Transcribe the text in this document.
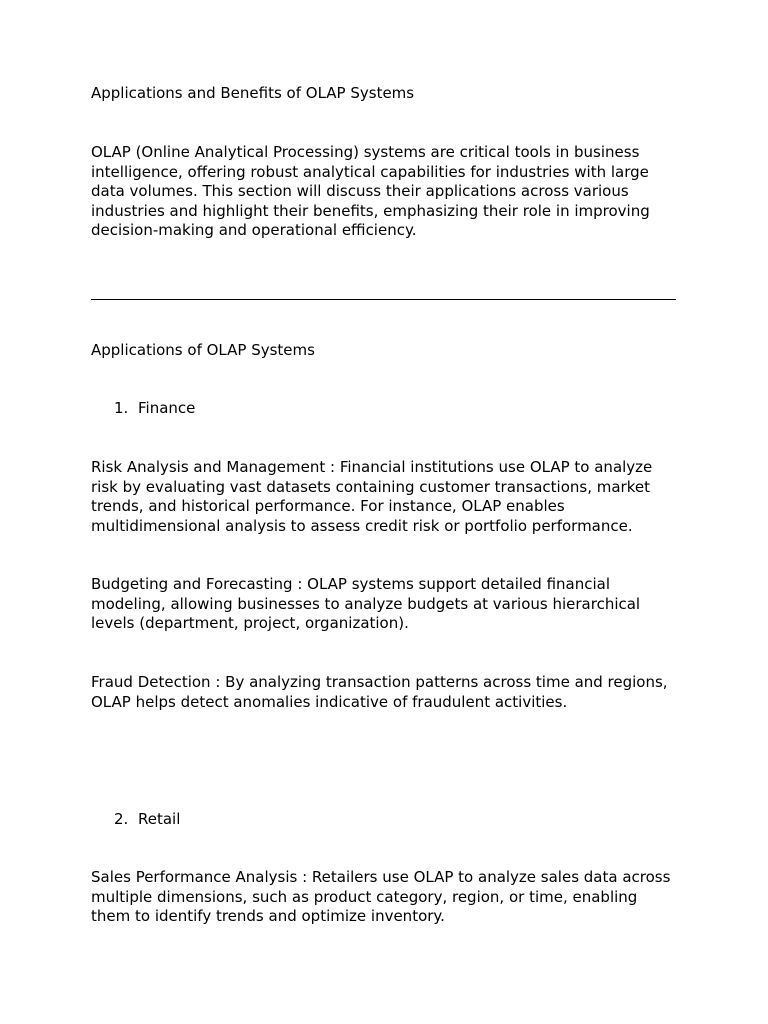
Applications and Benefits of OLAP Systems

OLAP (Online Analytical Processing) systems are critical tools in business intelligence, offering robust analytical capabilities for industries with large data volumes. This section will discuss their applications across various industries and highlight their benefits, emphasizing their role in improving decision-making and operational efficiency.

Applications of OLAP Systems

1. Finance

Risk Analysis and Management : Financial institutions use OLAP to analyze risk by evaluating vast datasets containing customer transactions, market trends, and historical performance. For instance, OLAP enables multidimensional analysis to assess credit risk or portfolio performance.

Budgeting and Forecasting : OLAP systems support detailed financial modeling, allowing businesses to analyze budgets at various hierarchical levels (department, project, organization).

Fraud Detection : By analyzing transaction patterns across time and regions, OLAP helps detect anomalies indicative of fraudulent activities.

2. Retail

Sales Performance Analysis : Retailers use OLAP to analyze sales data across multiple dimensions, such as product category, region, or time, enabling them to identify trends and optimize inventory.
